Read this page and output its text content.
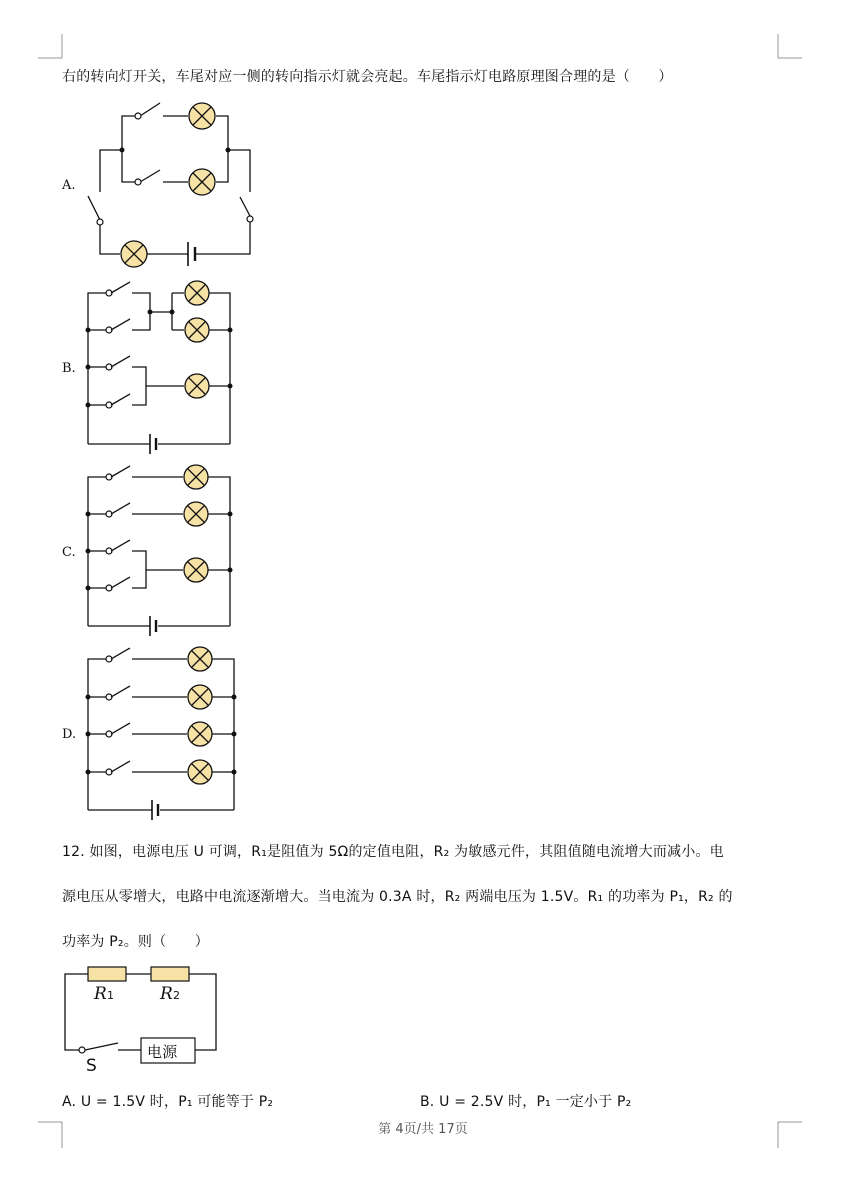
右的转向灯开关，车尾对应一侧的转向指示灯就会亮起。车尾指示灯电路原理图合理的是（　　）
A.
B.
C.
D.
R1	R2
S
电源
12. 如图，电源电压 U 可调，R₁是阻值为 5Ω的定值电阻，R₂ 为敏感元件，其阻值随电流增大而减小。电
源电压从零增大，电路中电流逐渐增大。当电流为 0.3A 时，R₂ 两端电压为 1.5V。R₁ 的功率为 P₁，R₂ 的
功率为 P₂。则（　　）
A. U = 1.5V 时，P₁ 可能等于 P₂	B. U = 2.5V 时，P₁ 一定小于 P₂
第 4页/共 17页
